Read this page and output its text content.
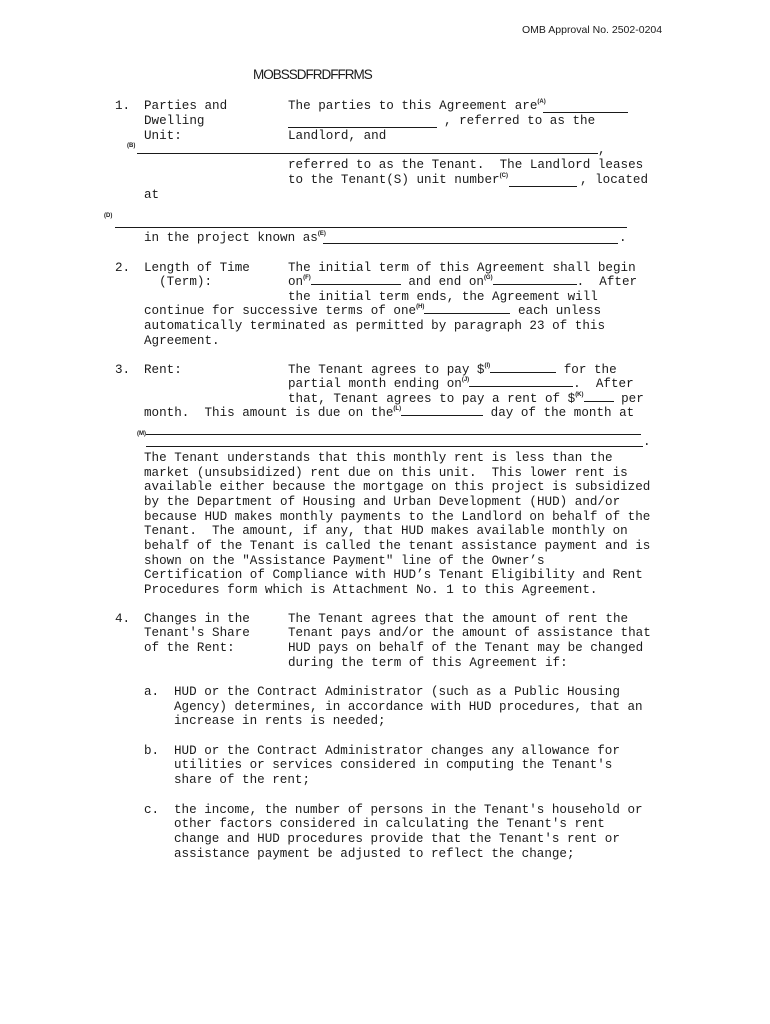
OMB Approval No. 2502-0204
MOBSSDFRDFFRMS
1. Parties and
Dwelling
Unit:
(B)
The parties to this Agreement are$^{(A)}$
, referred to as the
Landlord, and
,
referred to as the Tenant.  The Landlord leases
to the Tenant(S) unit number$^{(C)}$	, located
at
(D)
in the project known as$^{(E)}$	.
2. Length of Time
(Term):
The initial term of this Agreement shall begin
on$^{(F)}$	and end on$^{(G)}$	.  After
the initial term ends, the Agreement will
continue for successive terms of one$^{(H)}$	each unless
automatically terminated as permitted by paragraph 23 of this
Agreement.
3. Rent:	The Tenant agrees to pay \$$^{(I)}$	for the
partial month ending on$^{(J)}$	.  After
that, Tenant agrees to pay a rent of \$$^{(K)}$ per
month.  This amount is due on the$^{(L)}$	day of the month at
(M)
.
The Tenant understands that this monthly rent is less than the
market (unsubsidized) rent due on this unit.  This lower rent is
available either because the mortgage on this project is subsidized
by the Department of Housing and Urban Development (HUD) and/or
because HUD makes monthly payments to the Landlord on behalf of the
Tenant.  The amount, if any, that HUD makes available monthly on
behalf of the Tenant is called the tenant assistance payment and is
shown on the "Assistance Payment" line of the Owner’s
Certification of Compliance with HUD’s Tenant Eligibility and Rent
Procedures form which is Attachment No. 1 to this Agreement.
4. Changes in the
Tenant's Share
of the Rent:
The Tenant agrees that the amount of rent the
Tenant pays and/or the amount of assistance that
HUD pays on behalf of the Tenant may be changed
during the term of this Agreement if:
a. HUD or the Contract Administrator (such as a Public Housing
Agency) determines, in accordance with HUD procedures, that an
increase in rents is needed;
b. HUD or the Contract Administrator changes any allowance for
utilities or services considered in computing the Tenant's
share of the rent;
c. the income, the number of persons in the Tenant's household or
other factors considered in calculating the Tenant's rent
change and HUD procedures provide that the Tenant's rent or
assistance payment be adjusted to reflect the change;
